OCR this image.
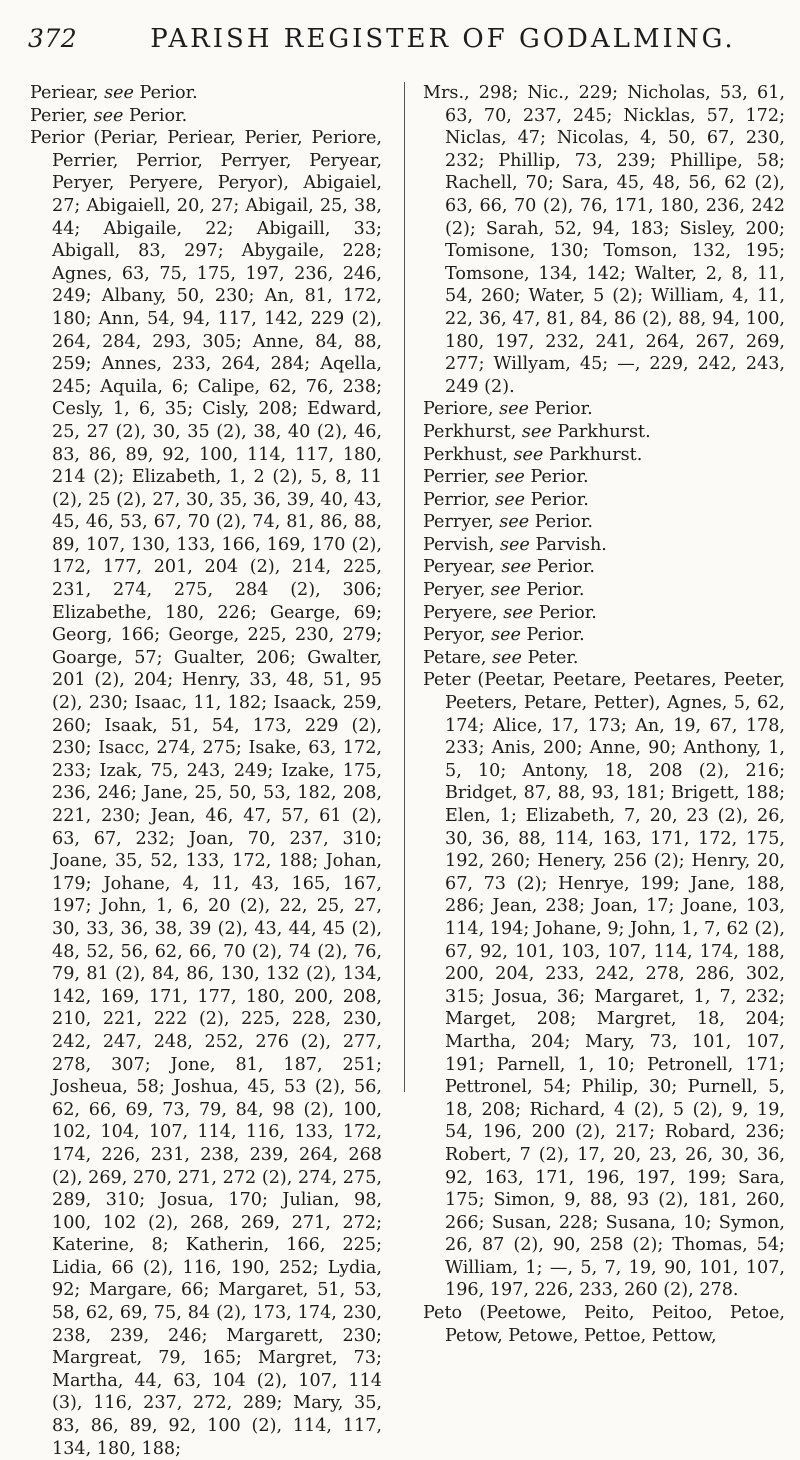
372	PARISH REGISTER OF GODALMING.

Periear, see Perior.

Perier, see Perior.

Perior (Periar, Periear, Perier, Periore, Perrier, Perrior, Perryer, Peryear, Peryer, Peryere, Peryor), Abigaiel, 27; Abigaiell, 20, 27; Abigail, 25, 38, 44; Abigaile, 22; Abigaill, 33; Abigall, 83, 297; Abygaile, 228; Agnes, 63, 75, 175, 197, 236, 246, 249; Albany, 50, 230; An, 81, 172, 180; Ann, 54, 94, 117, 142, 229 (2), 264, 284, 293, 305; Anne, 84, 88, 259; Annes, 233, 264, 284; Aqella, 245; Aquila, 6; Calipe, 62, 76, 238; Cesly, 1, 6, 35; Cisly, 208; Edward, 25, 27 (2), 30, 35 (2), 38, 40 (2), 46, 83, 86, 89, 92, 100, 114, 117, 180, 214 (2); Elizabeth, 1, 2 (2), 5, 8, 11 (2), 25 (2), 27, 30, 35, 36, 39, 40, 43, 45, 46, 53, 67, 70 (2), 74, 81, 86, 88, 89, 107, 130, 133, 166, 169, 170 (2), 172, 177, 201, 204 (2), 214, 225, 231, 274, 275, 284 (2), 306; Elizabethe, 180, 226; Gearge, 69; Georg, 166; George, 225, 230, 279; Goarge, 57; Gualter, 206; Gwalter, 201 (2), 204; Henry, 33, 48, 51, 95 (2), 230; Isaac, 11, 182; Isaack, 259, 260; Isaak, 51, 54, 173, 229 (2), 230; Isacc, 274, 275; Isake, 63, 172, 233; Izak, 75, 243, 249; Izake, 175, 236, 246; Jane, 25, 50, 53, 182, 208, 221, 230; Jean, 46, 47, 57, 61 (2), 63, 67, 232; Joan, 70, 237, 310; Joane, 35, 52, 133, 172, 188; Johan, 179; Johane, 4, 11, 43, 165, 167, 197; John, 1, 6, 20 (2), 22, 25, 27, 30, 33, 36, 38, 39 (2), 43, 44, 45 (2), 48, 52, 56, 62, 66, 70 (2), 74 (2), 76, 79, 81 (2), 84, 86, 130, 132 (2), 134, 142, 169, 171, 177, 180, 200, 208, 210, 221, 222 (2), 225, 228, 230, 242, 247, 248, 252, 276 (2), 277, 278, 307; Jone, 81, 187, 251; Josheua, 58; Joshua, 45, 53 (2), 56, 62, 66, 69, 73, 79, 84, 98 (2), 100, 102, 104, 107, 114, 116, 133, 172, 174, 226, 231, 238, 239, 264, 268 (2), 269, 270, 271, 272 (2), 274, 275, 289, 310; Josua, 170; Julian, 98, 100, 102 (2), 268, 269, 271, 272; Katerine, 8; Katherin, 166, 225; Lidia, 66 (2), 116, 190, 252; Lydia, 92; Margare, 66; Margaret, 51, 53, 58, 62, 69, 75, 84 (2), 173, 174, 230, 238, 239, 246; Margarett, 230; Margreat, 79, 165; Margret, 73; Martha, 44, 63, 104 (2), 107, 114 (3), 116, 237, 272, 289; Mary, 35, 83, 86, 89, 92, 100 (2), 114, 117, 134, 180, 188;

Mrs., 298; Nic., 229; Nicholas, 53, 61, 63, 70, 237, 245; Nicklas, 57, 172; Niclas, 47; Nicolas, 4, 50, 67, 230, 232; Phillip, 73, 239; Phillipe, 58; Rachell, 70; Sara, 45, 48, 56, 62 (2), 63, 66, 70 (2), 76, 171, 180, 236, 242 (2); Sarah, 52, 94, 183; Sisley, 200; Tomisone, 130; Tomson, 132, 195; Tomsone, 134, 142; Walter, 2, 8, 11, 54, 260; Water, 5 (2); William, 4, 11, 22, 36, 47, 81, 84, 86 (2), 88, 94, 100, 180, 197, 232, 241, 264, 267, 269, 277; Willyam, 45; —, 229, 242, 243, 249 (2).

Periore, see Perior.

Perkhurst, see Parkhurst.

Perkhust, see Parkhurst.

Perrier, see Perior.

Perrior, see Perior.

Perryer, see Perior.

Pervish, see Parvish.

Peryear, see Perior.

Peryer, see Perior.

Peryere, see Perior.

Peryor, see Perior.

Petare, see Peter.

Peter (Peetar, Peetare, Peetares, Peeter, Peeters, Petare, Petter), Agnes, 5, 62, 174; Alice, 17, 173; An, 19, 67, 178, 233; Anis, 200; Anne, 90; Anthony, 1, 5, 10; Antony, 18, 208 (2), 216; Bridget, 87, 88, 93, 181; Brigett, 188; Elen, 1; Elizabeth, 7, 20, 23 (2), 26, 30, 36, 88, 114, 163, 171, 172, 175, 192, 260; Henery, 256 (2); Henry, 20, 67, 73 (2); Henrye, 199; Jane, 188, 286; Jean, 238; Joan, 17; Joane, 103, 114, 194; Johane, 9; John, 1, 7, 62 (2), 67, 92, 101, 103, 107, 114, 174, 188, 200, 204, 233, 242, 278, 286, 302, 315; Josua, 36; Margaret, 1, 7, 232; Marget, 208; Margret, 18, 204; Martha, 204; Mary, 73, 101, 107, 191; Parnell, 1, 10; Petronell, 171; Pettronel, 54; Philip, 30; Purnell, 5, 18, 208; Richard, 4 (2), 5 (2), 9, 19, 54, 196, 200 (2), 217; Robard, 236; Robert, 7 (2), 17, 20, 23, 26, 30, 36, 92, 163, 171, 196, 197, 199; Sara, 175; Simon, 9, 88, 93 (2), 181, 260, 266; Susan, 228; Susana, 10; Symon, 26, 87 (2), 90, 258 (2); Thomas, 54; William, 1; —, 5, 7, 19, 90, 101, 107, 196, 197, 226, 233, 260 (2), 278.

Peto (Peetowe, Peito, Peitoo, Petoe, Petow, Petowe, Pettoe, Pettow,
